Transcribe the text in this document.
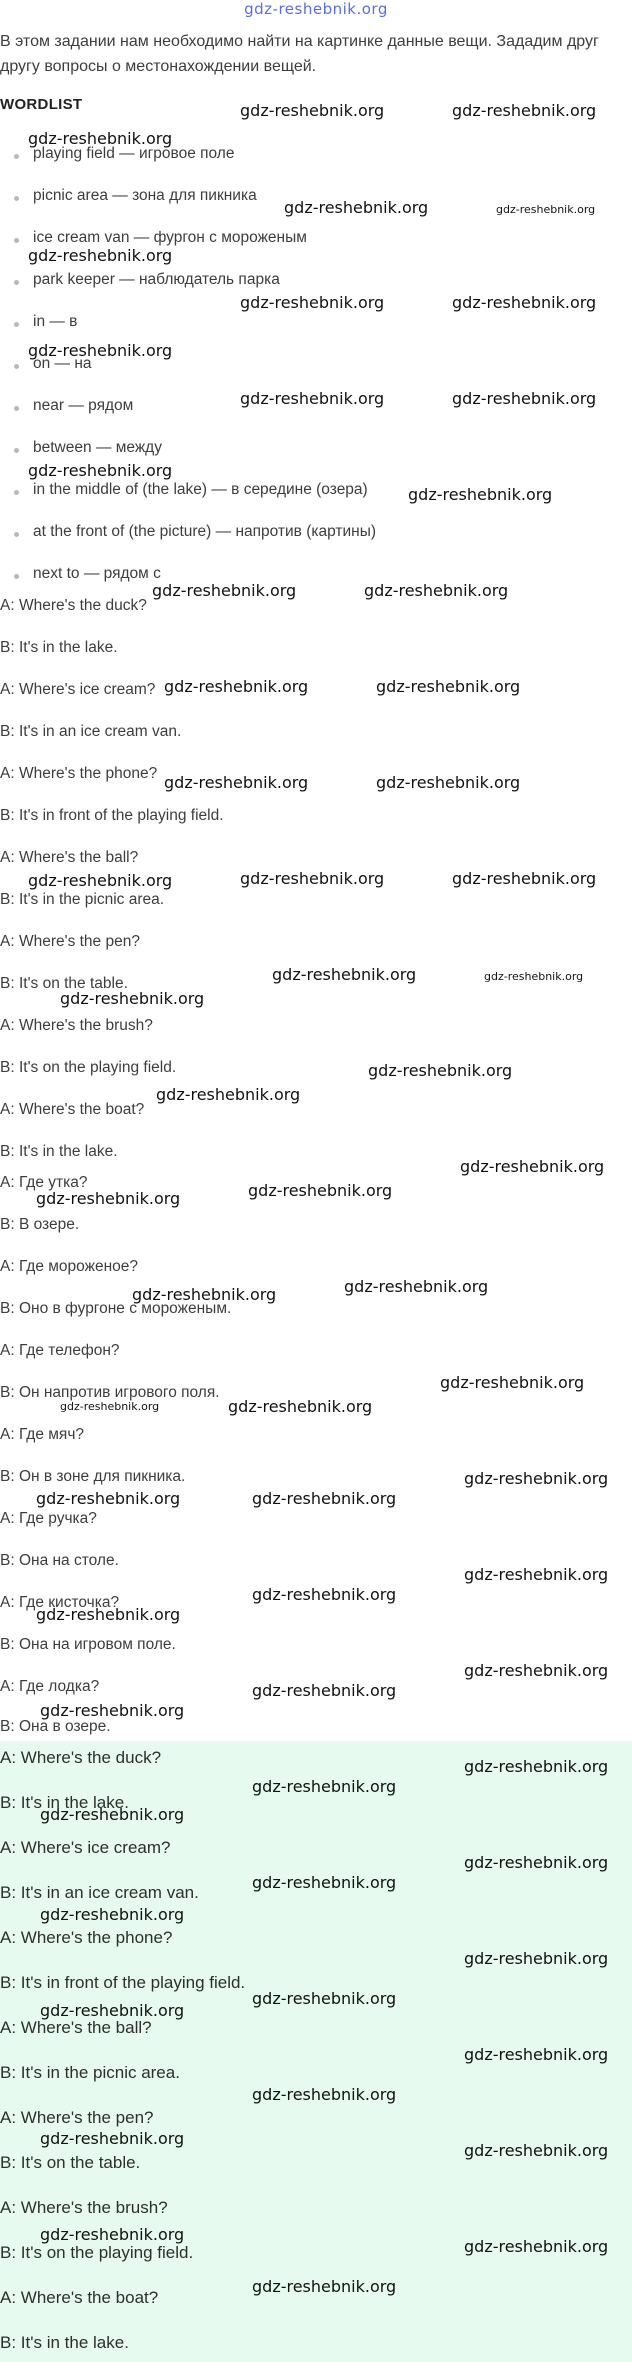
gdz-reshebnik.org
В этом задании нам необходимо найти на картинке данные вещи. Зададим друг другу вопросы о местонахождении вещей.
WORDLIST
playing field — игровое поле
picnic area — зона для пикника
ice cream van — фургон с мороженым
park keeper — наблюдатель парка
in — в
on — на
near — рядом
between — между
in the middle of (the lake) — в середине (озера)
at the front of (the picture) — напротив (картины)
next to — рядом с
A: Where's the duck?
B: It's in the lake.
A: Where's ice cream?
B: It's in an ice cream van.
A: Where's the phone?
B: It's in front of the playing field.
A: Where's the ball?
B: It's in the picnic area.
A: Where's the pen?
B: It's on the table.
A: Where's the brush?
B: It's on the playing field.
A: Where's the boat?
B: It's in the lake.
A: Где утка?
B: В озере.
A: Где мороженое?
B: Оно в фургоне с мороженым.
A: Где телефон?
B: Он напротив игрового поля.
A: Где мяч?
B: Он в зоне для пикника.
A: Где ручка?
B: Она на столе.
A: Где кисточка?
B: Она на игровом поле.
A: Где лодка?
B: Она в озере.
A: Where's the duck?
B: It's in the lake.
A: Where's ice cream?
B: It's in an ice cream van.
A: Where's the phone?
B: It's in front of the playing field.
A: Where's the ball?
B: It's in the picnic area.
A: Where's the pen?
B: It's on the table.
A: Where's the brush?
B: It's on the playing field.
A: Where's the boat?
B: It's in the lake.
gdz-reshebnik.org	gdz-reshebnik.org
gdz-reshebnik.org
gdz-reshebnik.org	gdz-reshebnik.org
gdz-reshebnik.org
gdz-reshebnik.org	gdz-reshebnik.org
gdz-reshebnik.org
gdz-reshebnik.org	gdz-reshebnik.org
gdz-reshebnik.org
gdz-reshebnik.org
gdz-reshebnik.org	gdz-reshebnik.org
gdz-reshebnik.org	gdz-reshebnik.org
gdz-reshebnik.org	gdz-reshebnik.org
gdz-reshebnik.org	gdz-reshebnik.org	gdz-reshebnik.org
gdz-reshebnik.org	gdz-reshebnik.org
gdz-reshebnik.org
gdz-reshebnik.org
gdz-reshebnik.org
gdz-reshebnik.org
gdz-reshebnik.org
gdz-reshebnik.org
gdz-reshebnik.org
gdz-reshebnik.org
gdz-reshebnik.org
gdz-reshebnik.org
gdz-reshebnik.org
gdz-reshebnik.org
gdz-reshebnik.org	gdz-reshebnik.org
gdz-reshebnik.org
gdz-reshebnik.org
gdz-reshebnik.org
gdz-reshebnik.org
gdz-reshebnik.org
gdz-reshebnik.org
gdz-reshebnik.org
gdz-reshebnik.org
gdz-reshebnik.org
gdz-reshebnik.org
gdz-reshebnik.org
gdz-reshebnik.org
gdz-reshebnik.org
gdz-reshebnik.org
gdz-reshebnik.org
gdz-reshebnik.org
gdz-reshebnik.org
gdz-reshebnik.org
gdz-reshebnik.org
gdz-reshebnik.org
gdz-reshebnik.org
gdz-reshebnik.org
